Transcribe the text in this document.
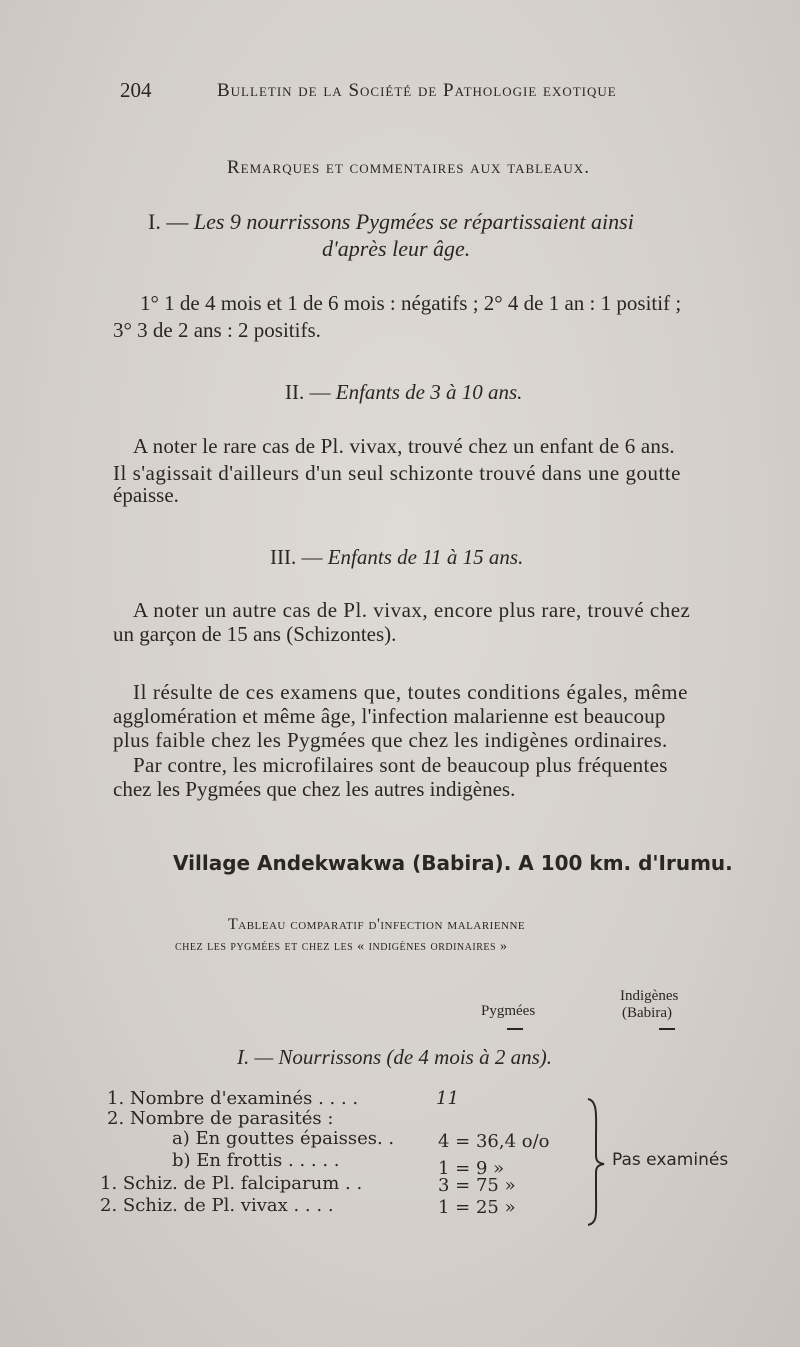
204	Bulletin de la Société de Pathologie exotique
Remarques et commentaires aux tableaux.
I. — Les 9 nourrissons Pygmées se répartissaient ainsi
d'après leur âge.
1° 1 de 4 mois et 1 de 6 mois : négatifs ; 2° 4 de 1 an : 1 positif ;
3° 3 de 2 ans : 2 positifs.
II. — Enfants de 3 à 10 ans.
A noter le rare cas de Pl. vivax, trouvé chez un enfant de 6 ans.
Il s'agissait d'ailleurs d'un seul schizonte trouvé dans une goutte
épaisse.
III. — Enfants de 11 à 15 ans.
A noter un autre cas de Pl. vivax, encore plus rare, trouvé chez
un garçon de 15 ans (Schizontes).
Il résulte de ces examens que, toutes conditions égales, même
agglomération et même âge, l'infection malarienne est beaucoup
plus faible chez les Pygmées que chez les indigènes ordinaires.
Par contre, les microfilaires sont de beaucoup plus fréquentes
chez les Pygmées que chez les autres indigènes.
Village Andekwakwa (Babira). A 100 km. d'Irumu.
Tableau comparatif d'infection malarienne
chez les pygmées et chez les « indigènes ordinaires »
Pygmées
Indigènes
(Babira)
I. — Nourrissons (de 4 mois à 2 ans).
1. Nombre d'examinés . . . .	11
2. Nombre de parasités :
a) En gouttes épaisses. . 4 = 36,4 o/o
b) En frottis . . . . .	1 = 9 »
1. Schiz. de Pl. falciparum . .	3 = 75 »
2. Schiz. de Pl. vivax . . . .	1 = 25 »
Pas examinés
